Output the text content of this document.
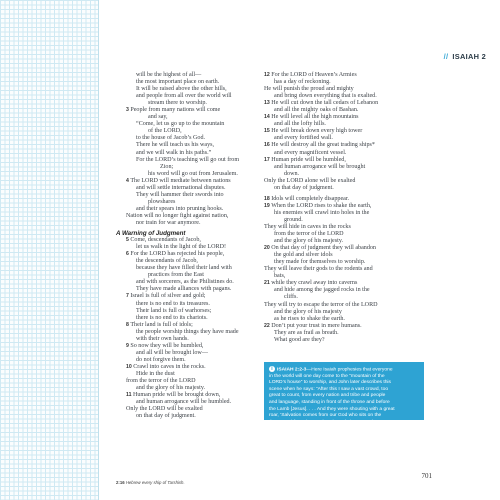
// ISAIAH 2
will be the highest of all—
the most important place on earth.
It will be raised above the other hills,
and people from all over the world will
stream there to worship.
3 People from many nations will come
and say,
“Come, let us go up to the mountain
of the LORD,
to the house of Jacob’s God.
There he will teach us his ways,
and we will walk in his paths.”
For the LORD’s teaching will go out from
Zion;
his word will go out from Jerusalem.
4 The LORD will mediate between nations
and will settle international disputes.
They will hammer their swords into
plowshares
and their spears into pruning hooks.
Nation will no longer fight against nation,
nor train for war anymore.
A Warning of Judgment
5 Come, descendants of Jacob,
let us walk in the light of the LORD!
6 For the LORD has rejected his people,
the descendants of Jacob,
because they have filled their land with
practices from the East
and with sorcerers, as the Philistines do.
They have made alliances with pagans.
7 Israel is full of silver and gold;
there is no end to its treasures.
Their land is full of warhorses;
there is no end to its chariots.
8 Their land is full of idols;
the people worship things they have made
with their own hands.
9 So now they will be humbled,
and all will be brought low—
do not forgive them.
10 Crawl into caves in the rocks.
Hide in the dust
from the terror of the LORD
and the glory of his majesty.
11 Human pride will be brought down,
and human arrogance will be humbled.
Only the LORD will be exalted
on that day of judgment.
12 For the LORD of Heaven’s Armies
has a day of reckoning.
He will punish the proud and mighty
and bring down everything that is exalted.
13 He will cut down the tall cedars of Lebanon
and all the mighty oaks of Bashan.
14 He will level all the high mountains
and all the lofty hills.
15 He will break down every high tower
and every fortified wall.
16 He will destroy all the great trading ships*
and every magnificent vessel.
17 Human pride will be humbled,
and human arrogance will be brought
down.
Only the LORD alone will be exalted
on that day of judgment.
18 Idols will completely disappear.
19 When the LORD rises to shake the earth,
his enemies will crawl into holes in the
ground.
They will hide in caves in the rocks
from the terror of the LORD
and the glory of his majesty.
20 On that day of judgment they will abandon
the gold and silver idols
they made for themselves to worship.
They will leave their gods to the rodents and
bats,
21 while they crawl away into caverns
and hide among the jagged rocks in the
cliffs.
They will try to escape the terror of the LORD
and the glory of his majesty
as he rises to shake the earth.
22 Don’t put your trust in mere humans.
They are as frail as breath.
What good are they?
i ISAIAH 2:2-3—Here Isaiah prophesies that everyone
in the world will one day come to the “mountain of the
LORD’s house” to worship, and John later describes this
scene when he says: “After this I saw a vast crowd, too
great to count, from every nation and tribe and people
and language, standing in front of the throne and before
the Lamb [Jesus]. . . . And they were shouting with a great
roar, ‘Salvation comes from our God who sits on the
throne and from the Lamb!’ ” (Revelation 7:9-10).
2:16 Hebrew every ship of Tarshish.
701
